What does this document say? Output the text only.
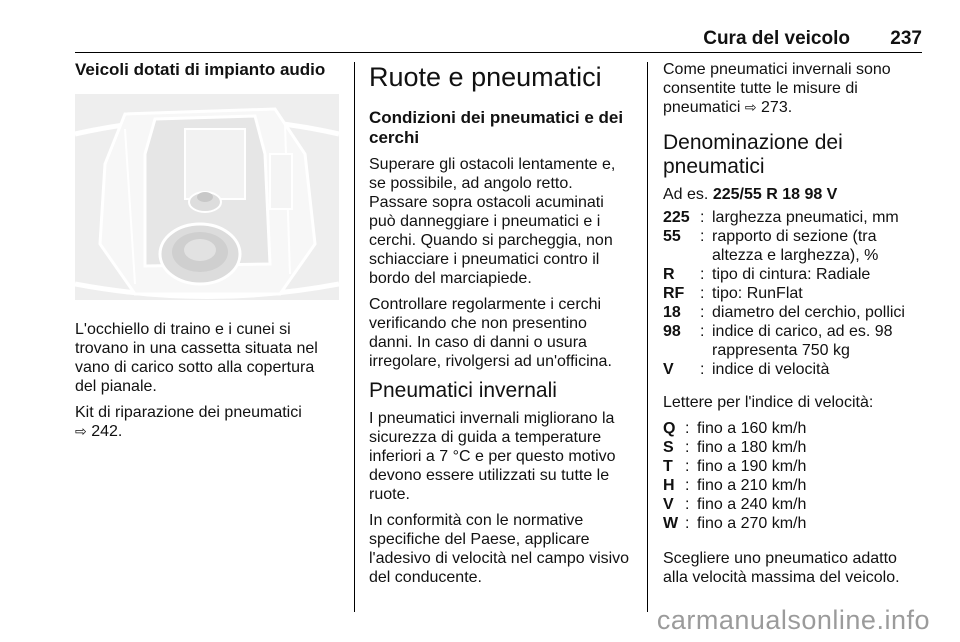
Cura del veicolo 237
Veicoli dotati di impianto audio

L'occhiello di traino e i cunei si trovano in una cassetta situata nel vano di carico sotto alla copertura del pianale.

Kit di riparazione dei pneumatici
⇨ 242.

Ruote e pneumatici
Condizioni dei pneumatici e dei cerchi

Superare gli ostacoli lentamente e, se possibile, ad angolo retto. Passare sopra ostacoli acuminati può danneggiare i pneumatici e i cerchi. Quando si parcheggia, non schiacciare i pneumatici contro il bordo del marciapiede.

Controllare regolarmente i cerchi verificando che non presentino danni. In caso di danni o usura irregolare, rivolgersi ad un'officina.

Pneumatici invernali

I pneumatici invernali migliorano la sicurezza di guida a temperature inferiori a 7 °C e per questo motivo devono essere utilizzati su tutte le ruote.

In conformità con le normative specifiche del Paese, applicare l'adesivo di velocità nel campo visivo del conducente.

Come pneumatici invernali sono consentite tutte le misure di pneumatici ⇨ 273.

Denominazione dei pneumatici

Ad es. 225/55 R 18 98 V

225 : larghezza pneumatici, mm
55	: rapporto di sezione (tra altezza e larghezza), %
R	: tipo di cintura: Radiale
RF : tipo: RunFlat
18	: diametro del cerchio, pollici
98	: indice di carico, ad es. 98 rappresenta 750 kg
V	: indice di velocità

Lettere per l'indice di velocità:

Q : fino a 160 km/h
S : fino a 180 km/h
T : fino a 190 km/h
H : fino a 210 km/h
V : fino a 240 km/h
W : fino a 270 km/h

Scegliere uno pneumatico adatto alla velocità massima del veicolo.

carmanualsonline.info
